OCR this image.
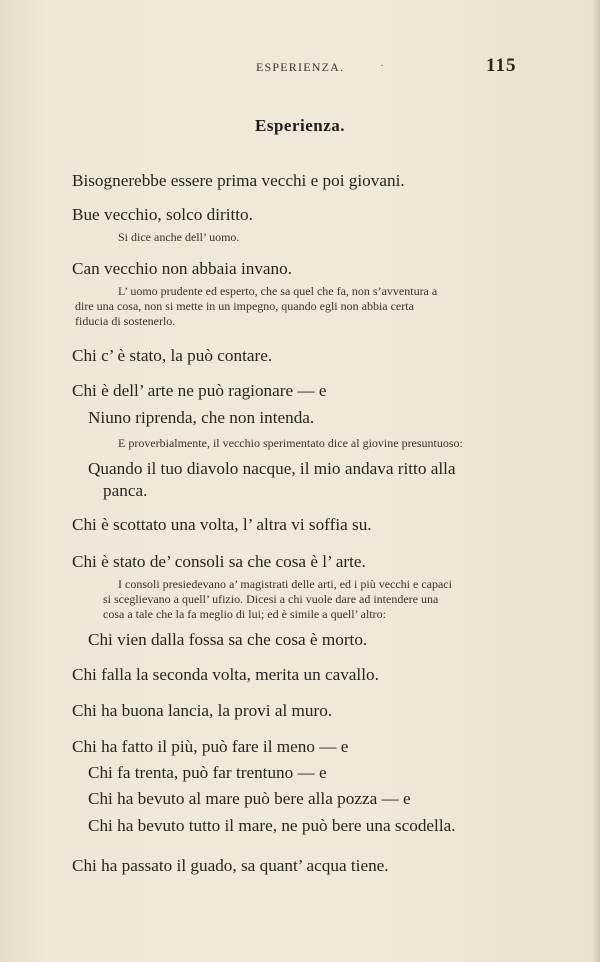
ESPERIENZA.	·	115
Esperienza.
Bisognerebbe essere prima vecchi e poi giovani.
Bue vecchio, solco diritto.
Si dice anche dell’ uomo.
Can vecchio non abbaia invano.
L’ uomo prudente ed esperto, che sa quel che fa, non s’avventura a
dire una cosa, non si mette in un impegno, quando egli non abbia certa
fiducia di sostenerlo.
Chi c’ è stato, la può contare.
Chi è dell’ arte ne può ragionare — e
Niuno riprenda, che non intenda.
E proverbialmente, il vecchio sperimentato dice al giovine presuntuoso:
Quando il tuo diavolo nacque, il mio andava ritto alla
panca.
Chi è scottato una volta, l’ altra vi soffia su.
Chi è stato de’ consoli sa che cosa è l’ arte.
I consoli presiedevano a’ magistrati delle arti, ed i più vecchi e capaci
si sceglievano a quell’ ufizio. Dicesi a chi vuole dare ad intendere una
cosa a tale che la fa meglio di lui; ed è simile a quell’ altro:
Chi vien dalla fossa sa che cosa è morto.
Chi falla la seconda volta, merita un cavallo.
Chi ha buona lancia, la provi al muro.
Chi ha fatto il più, può fare il meno — e
Chi fa trenta, può far trentuno — e
Chi ha bevuto al mare può bere alla pozza — e
Chi ha bevuto tutto il mare, ne può bere una scodella.
Chi ha passato il guado, sa quant’ acqua tiene.
